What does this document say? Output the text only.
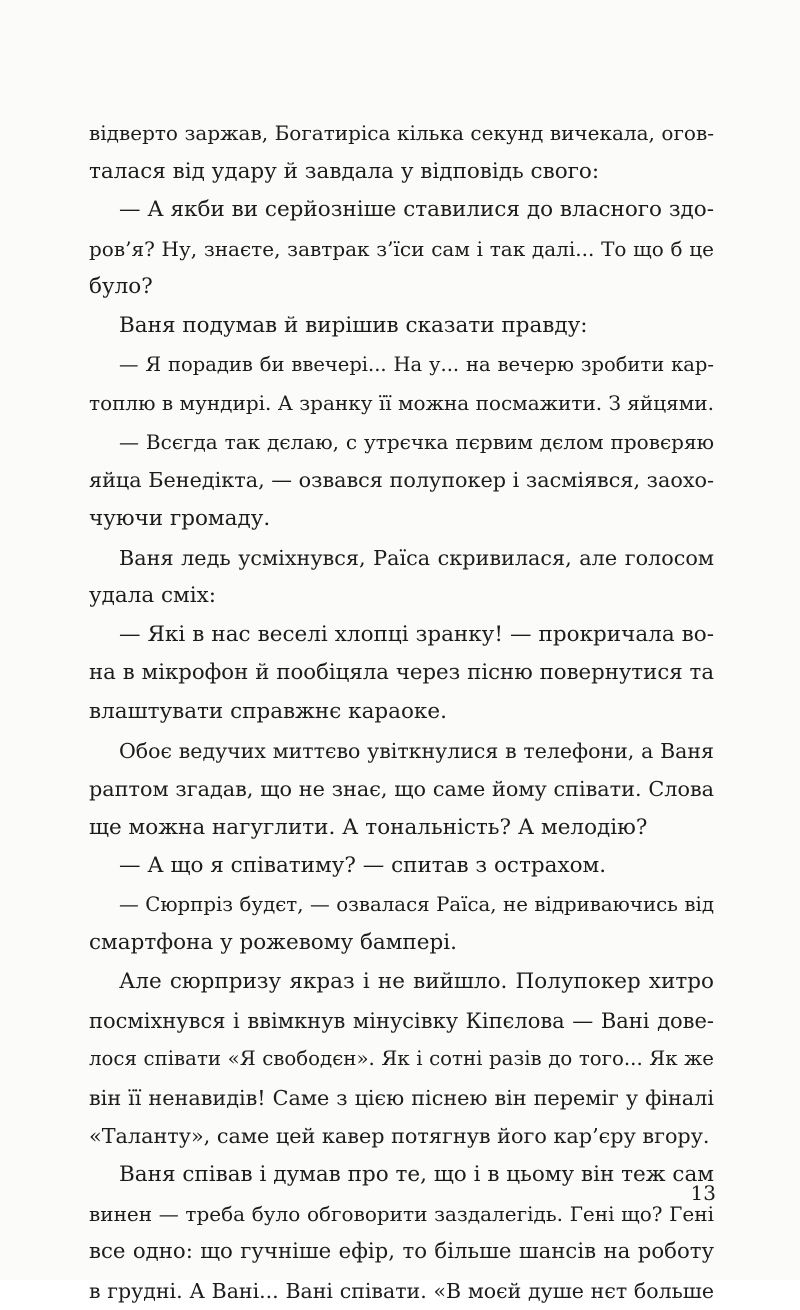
відверто заржав, Богатиріса кілька секунд вичекала, огов-
талася від удару й завдала у відповідь свого:
— А якби ви серйозніше ставилися до власного здо-
ров’я? Ну, знаєте, завтрак з’їси сам і так далі... То що б це
було?
Ваня подумав й вирішив сказати правду:
— Я порадив би ввечері... На у... на вечерю зробити кар-
топлю в мундирі. А зранку її можна посмажити. З яйцями.
— Всєгда так дєлаю, с утрєчка пєрвим дєлом провєряю
яйца Бенедікта, — озвався полупокер і засміявся, заохо-
чуючи громаду.
Ваня ледь усміхнувся, Раїса скривилася, але голосом
удала сміх:
— Які в нас веселі хлопці зранку! — прокричала во-
на в мікрофон й пообіцяла через пісню повернутися та
влаштувати справжнє караоке.
Обоє ведучих миттєво увіткнулися в телефони, а Ваня
раптом згадав, що не знає, що саме йому співати. Слова
ще можна нагуглити. А тональність? А мелодію?
— А що я співатиму? — спитав з острахом.
— Сюрпріз будєт, — озвалася Раїса, не відриваючись від
смартфона у рожевому бампері.
Але сюрпризу якраз і не вийшло. Полупокер хитро
посміхнувся і ввімкнув мінусівку Кіпєлова — Вані дове-
лося співати «Я свободєн». Як і сотні разів до того... Як же
він її ненавидів! Саме з цією піснею він переміг у фіналі
«Таланту», саме цей кавер потягнув його кар’єру вгору.
Ваня співав і думав про те, що і в цьому він теж сам
винен — треба було обговорити заздалегідь. Гені що? Гені
все одно: що гучніше ефір, то більше шансів на роботу
в грудні. А Вані... Вані співати. «В моєй душе нєт больше
13
